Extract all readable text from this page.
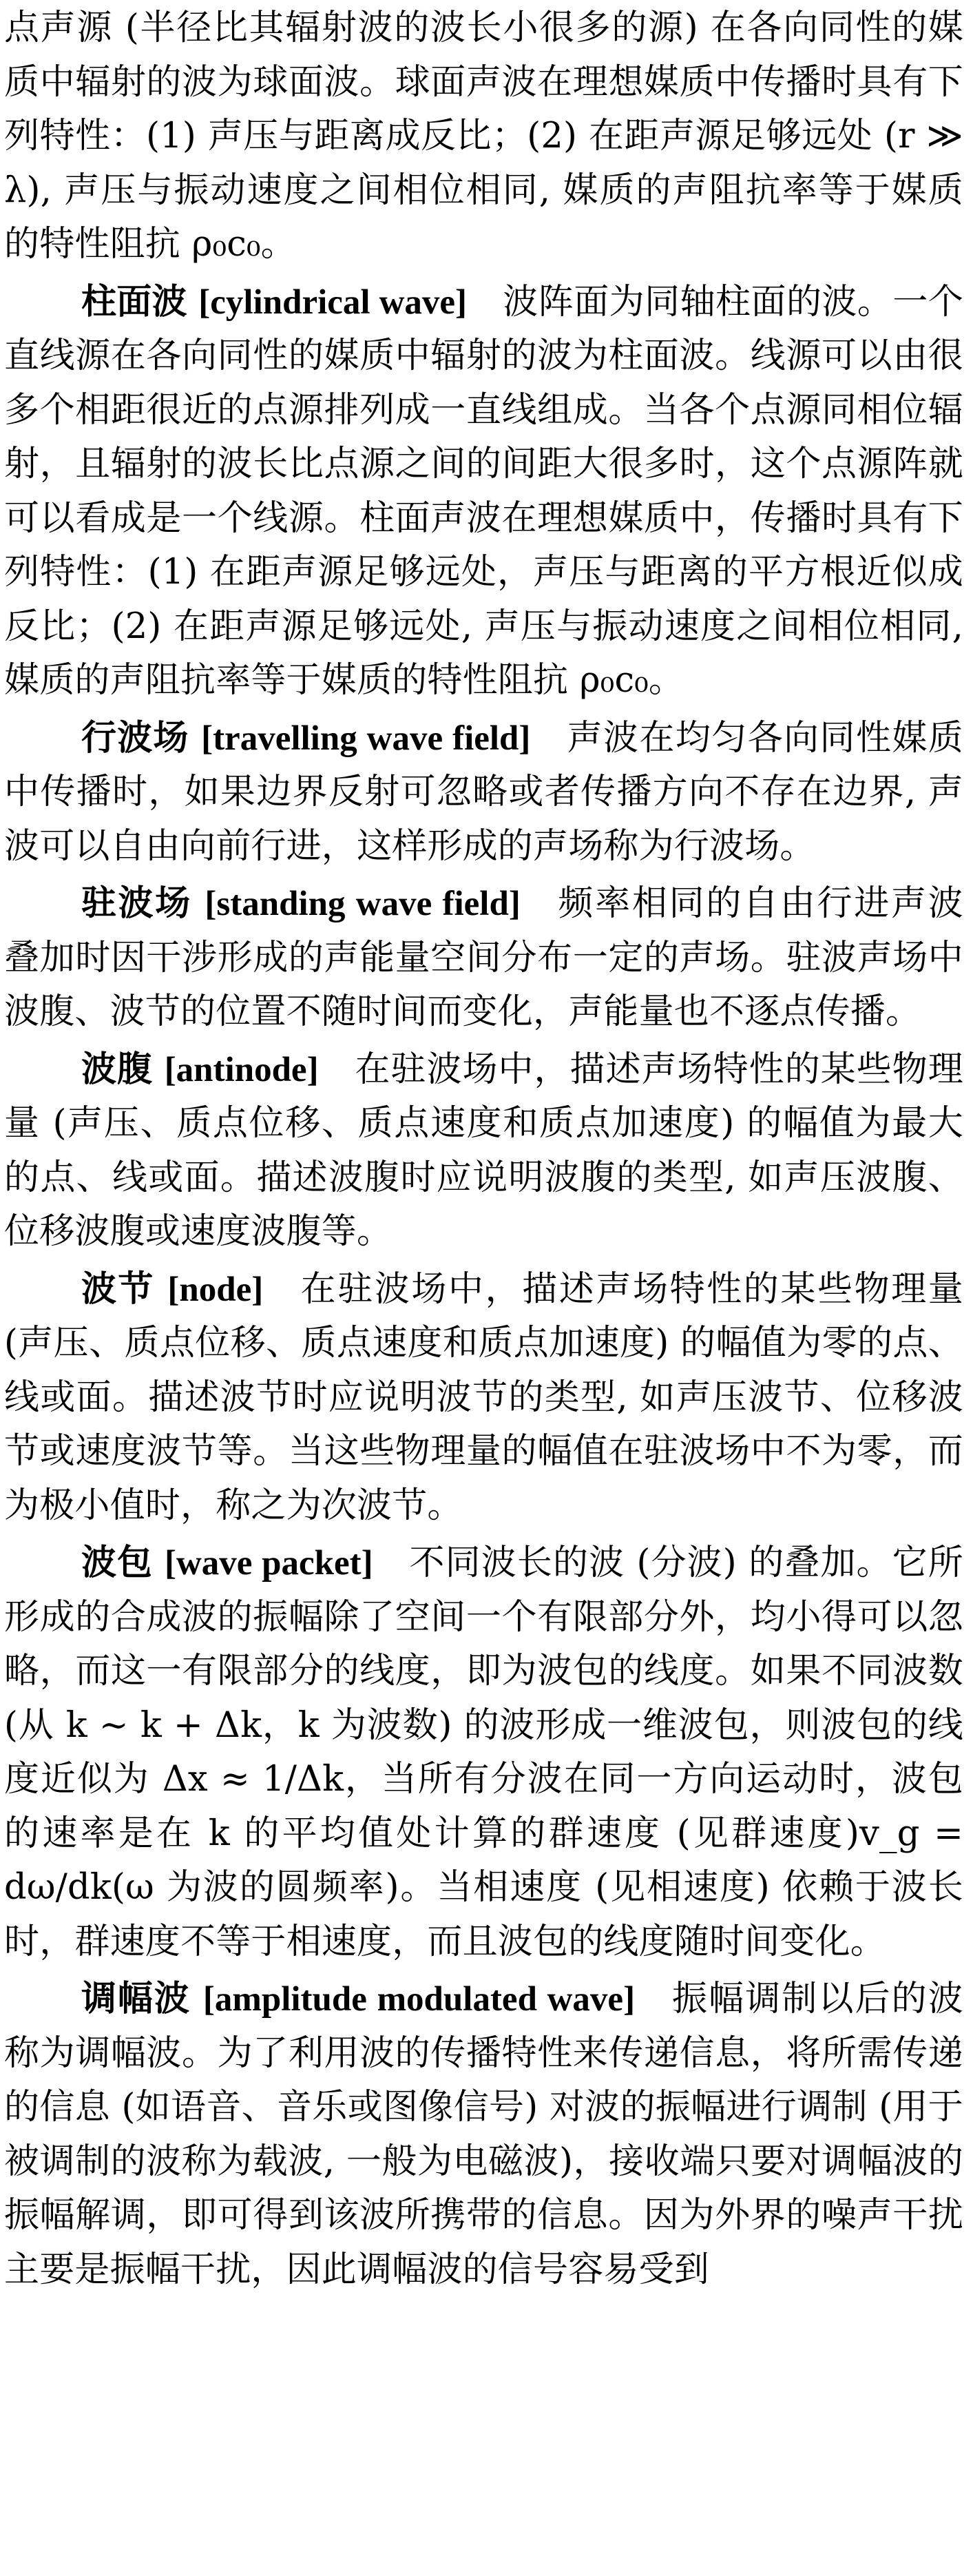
点声源 (半径比其辐射波的波长小很多的源) 在各向同性的媒质中辐射的波为球面波。球面声波在理想媒质中传播时具有下列特性：(1) 声压与距离成反比；(2) 在距声源足够远处 (r ≫ λ), 声压与振动速度之间相位相同, 媒质的声阻抗率等于媒质的特性阻抗 ρ₀c₀。

柱面波 [cylindrical wave] 波阵面为同轴柱面的波。一个直线源在各向同性的媒质中辐射的波为柱面波。线源可以由很多个相距很近的点源排列成一直线组成。当各个点源同相位辐射，且辐射的波长比点源之间的间距大很多时，这个点源阵就可以看成是一个线源。柱面声波在理想媒质中，传播时具有下列特性：(1) 在距声源足够远处，声压与距离的平方根近似成反比；(2) 在距声源足够远处, 声压与振动速度之间相位相同, 媒质的声阻抗率等于媒质的特性阻抗 ρ₀c₀。

行波场 [travelling wave field] 声波在均匀各向同性媒质中传播时，如果边界反射可忽略或者传播方向不存在边界, 声波可以自由向前行进，这样形成的声场称为行波场。

驻波场 [standing wave field] 频率相同的自由行进声波叠加时因干涉形成的声能量空间分布一定的声场。驻波声场中波腹、波节的位置不随时间而变化，声能量也不逐点传播。

波腹 [antinode] 在驻波场中，描述声场特性的某些物理量 (声压、质点位移、质点速度和质点加速度) 的幅值为最大的点、线或面。描述波腹时应说明波腹的类型, 如声压波腹、位移波腹或速度波腹等。

波节 [node] 在驻波场中，描述声场特性的某些物理量 (声压、质点位移、质点速度和质点加速度) 的幅值为零的点、线或面。描述波节时应说明波节的类型, 如声压波节、位移波节或速度波节等。当这些物理量的幅值在驻波场中不为零，而为极小值时，称之为次波节。

波包 [wave packet] 不同波长的波 (分波) 的叠加。它所形成的合成波的振幅除了空间一个有限部分外，均小得可以忽略，而这一有限部分的线度，即为波包的线度。如果不同波数 (从 k ∼ k + Δk，k 为波数) 的波形成一维波包，则波包的线度近似为 Δx ≈ 1/Δk，当所有分波在同一方向运动时，波包的速率是在 k 的平均值处计算的群速度 (见群速度)v_g = dω/dk(ω 为波的圆频率)。当相速度 (见相速度) 依赖于波长时，群速度不等于相速度，而且波包的线度随时间变化。

调幅波 [amplitude modulated wave] 振幅调制以后的波称为调幅波。为了利用波的传播特性来传递信息，将所需传递的信息 (如语音、音乐或图像信号) 对波的振幅进行调制 (用于被调制的波称为载波, 一般为电磁波)，接收端只要对调幅波的振幅解调，即可得到该波所携带的信息。因为外界的噪声干扰主要是振幅干扰，因此调幅波的信号容易受到
